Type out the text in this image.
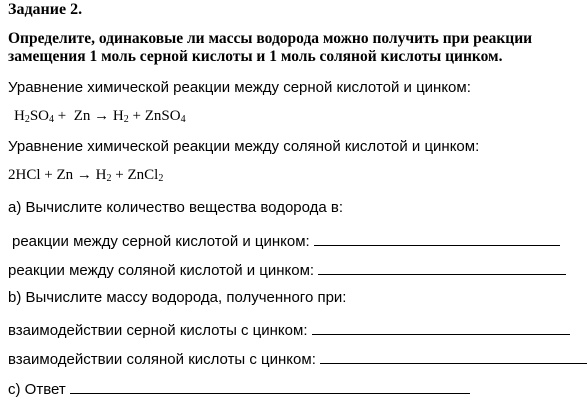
Задание 2.
Определите, одинаковые ли массы водорода можно получить при реакции
замещения 1 моль серной кислоты и 1 моль соляной кислоты цинком.
Уравнение химической реакции между серной кислотой и цинком:
$H_2SO_4 + Zn \to H_2$ + ZnSO$_4$
Уравнение химической реакции между соляной кислотой и цинком:
$2HCl + Zn \to H_2$ + ZnCl$_2$
a) Вычислите количество вещества водорода в:
реакции между серной кислотой и цинком:
реакции между соляной кислотой и цинком:
b) Вычислите массу водорода, полученного при:
взаимодействии серной кислоты с цинком:
взаимодействии соляной кислоты с цинком:
c) Ответ
